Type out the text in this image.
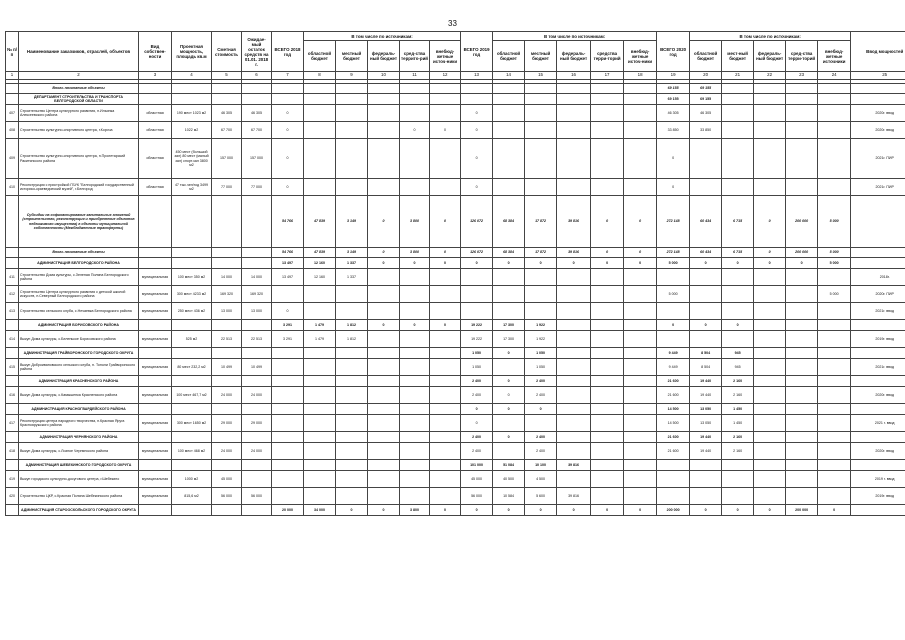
33
№ п/п	Наименование заказчиков, отраслей, объектов	Вид собствен-ности	Проектная мощность, площадь кв.м	Сметная стоимость	Ожидае-мый остаток средств на 01.01. 2018 г.	ВСЕГО 2018 год	В том числе по источникам:					ВСЕГО 2019 год	В том числе по источникам:					ВСЕГО 2020 год	В том числе по источникам:					Ввод мощностей
							областной бюджет	местный бюджет	федераль-ный бюджет	сред-ства террито-рий	внебюд-жетные источ-ники		областной бюджет	местный бюджет	федераль-ный бюджет	средства терри-торий	внебюд-жетные источ-ники		областной бюджет	мест-ный бюджет	федераль-ный бюджет	сред-ства терри-торий	внебюд-жетные источники	
1	2	3	4	5	6	7	8	9	10	11	12	13	14	15	16	17	18	19	20	21	22	23	24	25

	Вновь начинаемые объекты																	69 155	69 155					
	ДЕПАРТАМЕНТ СТРОИТЕЛЬСТВА И ТРАНСПОРТА БЕЛГОРОДСКОЙ ОБЛАСТИ																	69 155	69 155					
407	Строительство Центра культурного развития, п.Ильинка Алексеевского района	областная	190 мест 1023 м2	46 305	46 305	0						0						46 305	46 305					2020г. ввод
408	Строительство культурно-спортивного центра, г.Короча	областная	1022 м2	67 700	67 700	0				0	0	0						33 850	33 850					2020г. ввод
409	Строительство культурно-спортивного центра, п.Пролетарский Ракитянского района	областная	450 мест (большой зал) 80 мест (малый зал) спорт.зал 3800 м2	157 000	157 000	0						0						0						2021г. ПИР
410	Реконструкция с пристройкой ГБУК "Белгородский государственный историко-краеведческий музей", г.Белгород	областная	47 тыс.чел/год 3499 м2	77 000	77 000	0						0						0						2021г. ПИР
	Субсидии на софинансирование капитальных вложений (строительство, реконструкция и приобретение объектов недвижимого имущества) в объекты муниципальной собственности (Межбюджетные трансферты)					54 766	47 839	3 149	0	3 800	0	126 072	68 384	17 872	39 816	0	0	272 148	60 434	6 715	0	200 000	5 000	
	Вновь начинаемые объекты					54 766	47 839	3 149	0	3 800	0	126 072	68 384	17 872	39 816	0	0	272 148	60 434	6 715	0	200 000	5 000	
	АДМИНИСТРАЦИЯ БЕЛГОРОДСКОГО РАЙОНА					13 497	12 160	1 337	0	0	0	0	0	0	0	0	0	5 000	0	0	0	0	5 000	
411	Строительство Дома культуры, с.Зеленая Поляна Белгородского района	муниципальная	100 мест 350 м2	14 000	14 000	13 497	12 160	1 337																2018г.
412	Строительство Центра культурного развития с детской школой искусств, п.Северный Белгородского района	муниципальная	300 мест 4233 м2	169 320	169 320													5 000					5 000	2020г. ПИР
413	Строительство сельского клуба, с.Нечаевка Белгородского района	муниципальная	250 мест 436 м2	13 000	13 000	0																		2021г. ввод
	АДМИНИСТРАЦИЯ БОРИСОВСКОГО РАЙОНА					3 291	1 479	1 812	0	0	0	19 222	17 300	1 922				0	0	0				
414	Выкуп Дома культуры, с.Беленькое Борисовского района	муниципальная	525 м2	22 513	22 513	3 291	1 479	1 812				19 222	17 300	1 922										2019г. ввод
	АДМИНИСТРАЦИЯ ГРАЙВОРОНСКОГО ГОРОДСКОГО ОКРУГА											1 050	0	1 050				9 449	8 504	945				
415	Выкуп Доброивановского сельского клуба, п. Тополи Грайворонского района	муниципальная	80 мест 232,2 м2	10 499	10 499							1 050		1 050				9 449	8 504	945				2021г. ввод
	АДМИНИСТРАЦИЯ КРАСНЕНСКОГО РАЙОНА											2 400	0	2 400				21 600	19 440	2 160				
416	Выкуп Дома культуры, с.Камышенка Красненского района	муниципальная	100 мест 467,7 м2	24 000	24 000							2 400	0	2 400				21 600	19 440	2 160				2020г. ввод
	АДМИНИСТРАЦИЯ КРАСНОГВАРДЕЙСКОГО РАЙОНА											0	0	0				14 500	13 050	1 450				
417	Реконструкция центра народного творчества, п.Красная Яруга Краснояружского района	муниципальная	300 мест 1650 м2	29 000	29 000							0						14 500	13 050	1 450				2021 г. ввод
	АДМИНИСТРАЦИЯ ЧЕРНЯНСКОГО РАЙОНА											2 400	0	2 400				21 600	19 440	2 160				
418	Выкуп Дома культуры, с.Лозное Чернянского района	муниципальная	100 мест 468 м2	24 000	24 000							2 400		2 400				21 600	19 440	2 160				2020г. ввод
	АДМИНИСТРАЦИЯ ШЕБЕКИНСКОГО ГОРОДСКОГО ОКРУГА											101 000	51 084	10 100	39 816									
419	Выкуп городского культурно-досугового центра, г.Шебекино	муниципальная	1000 м2	45 000								45 000	40 500	4 500										2019 г. ввод
420	Строительство ЦКР, с.Красная Поляна Шебекинского района	муниципальная	815,6 м2	56 000	56 000							56 000	10 584	5 600	39 816									2019г. ввод
	АДМИНИСТРАЦИЯ СТАРООСКОЛЬСКОГО ГОРОДСКОГО ОКРУГА					20 000	34 000	0	0	3 800	0	0	0	0	0	0	0	200 000	0	0	0	200 000	0	
